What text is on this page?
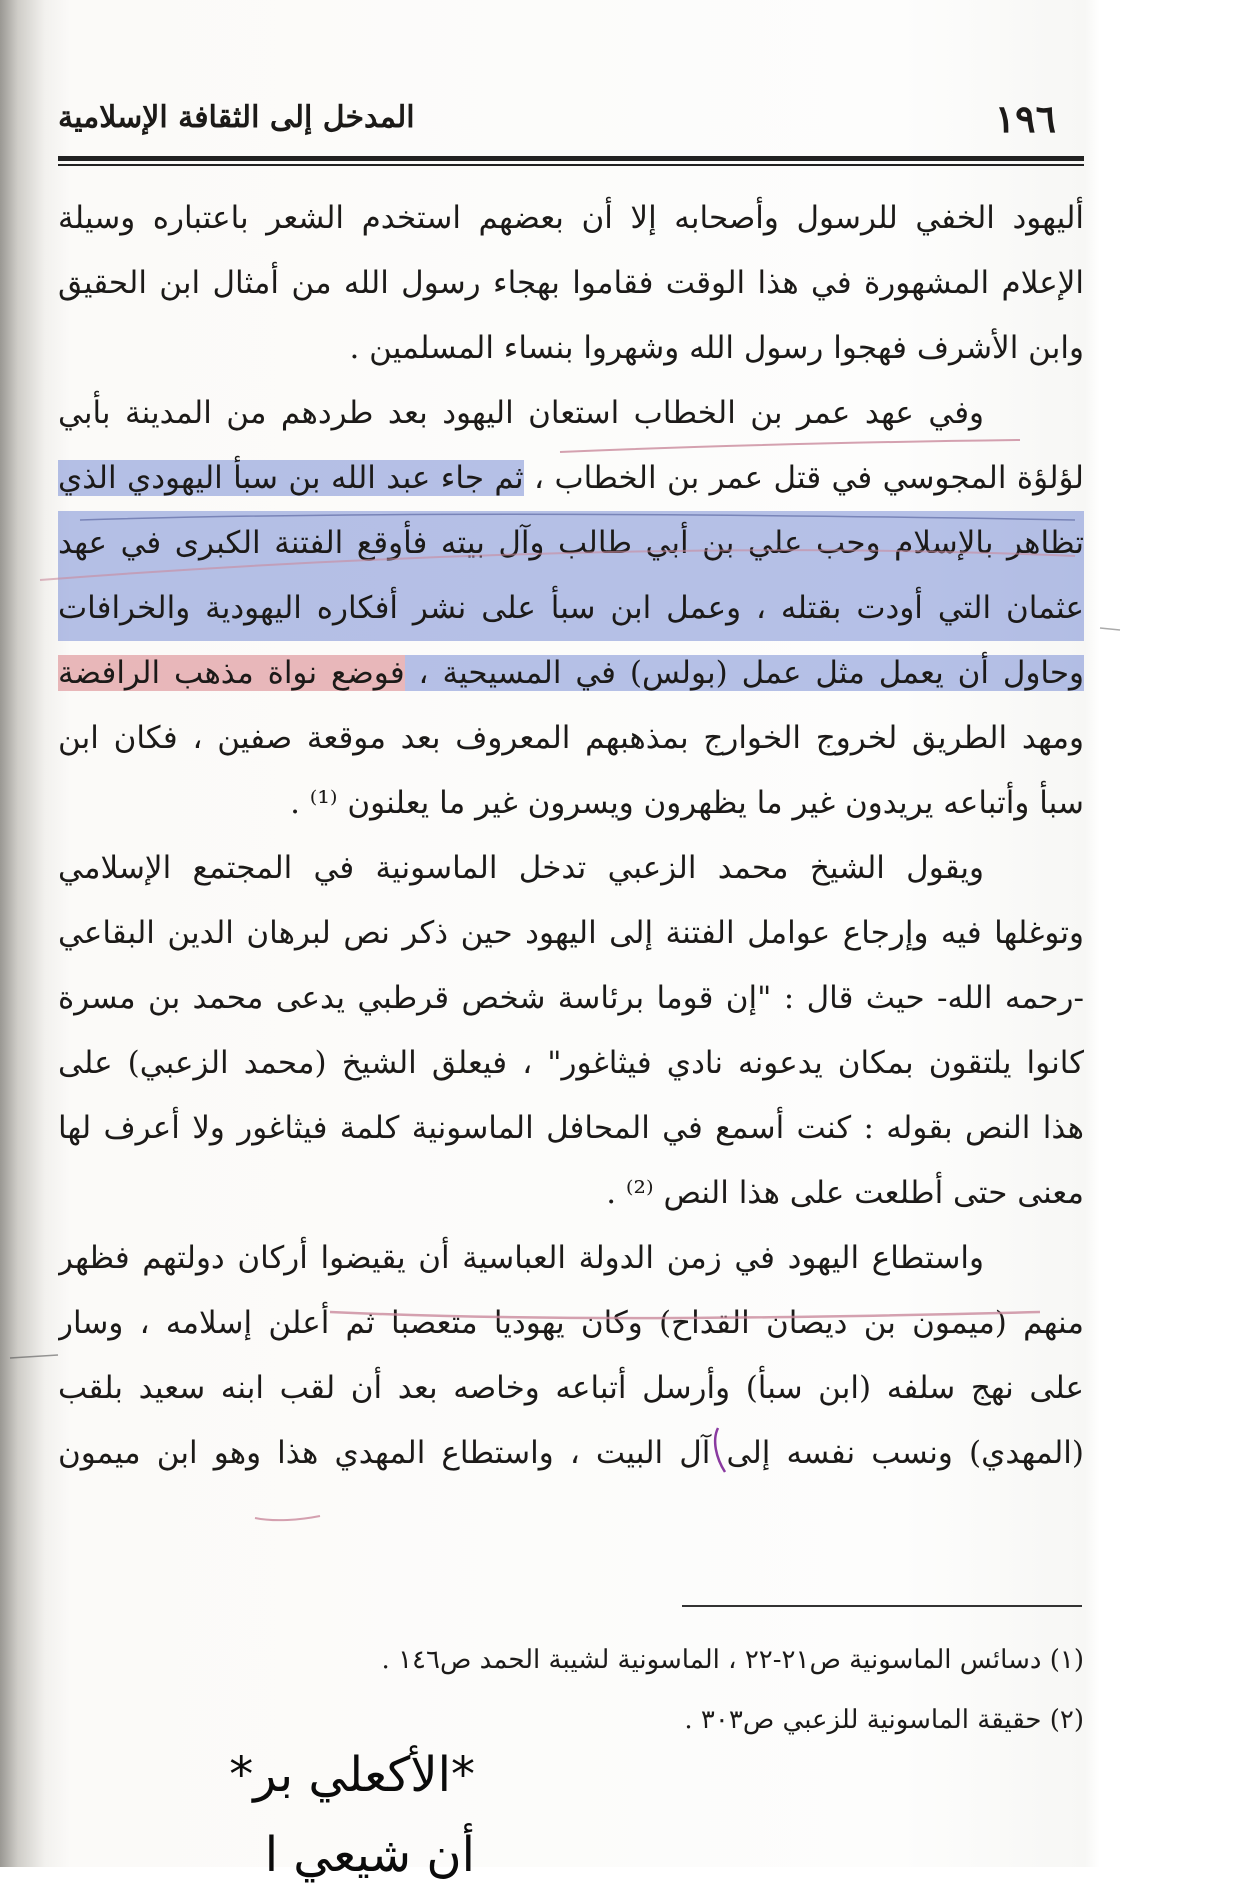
١٩٦
المدخل إلى الثقافة الإسلامية
أليهود الخفي للرسول وأصحابه إلا أن بعضهم استخدم الشعر باعتباره وسيلة
الإعلام المشهورة في هذا الوقت فقاموا بهجاء رسول الله من أمثال ابن الحقيق
وابن الأشرف فهجوا رسول الله وشهروا بنساء المسلمين .
وفي عهد عمر بن الخطاب استعان اليهود بعد طردهم من المدينة بأبي
لؤلؤة المجوسي في قتل عمر بن الخطاب ، ثم جاء عبد الله بن سبأ اليهودي الذي
تظاهر بالإسلام وحب علي بن أبي طالب وآل بيته فأوقع الفتنة الكبرى في عهد
عثمان التي أودت بقتله ، وعمل ابن سبأ على نشر أفكاره اليهودية والخرافات
وحاول أن يعمل مثل عمل (بولس) في المسيحية ، فوضع نواة مذهب الرافضة
ومهد الطريق لخروج الخوارج بمذهبهم المعروف بعد موقعة صفين ، فكان ابن
سبأ وأتباعه يريدون غير ما يظهرون ويسرون غير ما يعلنون ⁽¹⁾ .
ويقول الشيخ محمد الزعبي تدخل الماسونية في المجتمع الإسلامي
وتوغلها فيه وإرجاع عوامل الفتنة إلى اليهود حين ذكر نص لبرهان الدين البقاعي
-رحمه الله- حيث قال : "إن قوما برئاسة شخص قرطبي يدعى محمد بن مسرة
كانوا يلتقون بمكان يدعونه نادي فيثاغور" ، فيعلق الشيخ (محمد الزعبي) على
هذا النص بقوله : كنت أسمع في المحافل الماسونية كلمة فيثاغور ولا أعرف لها
معنى حتى أطلعت على هذا النص ⁽²⁾ .
واستطاع اليهود في زمن الدولة العباسية أن يقيضوا أركان دولتهم فظهر
منهم (ميمون بن ديصان القداح) وكان يهوديا متعصبا ثم أعلن إسلامه ، وسار
على نهج سلفه (ابن سبأ) وأرسل أتباعه وخاصه بعد أن لقب ابنه سعيد بلقب
(المهدي) ونسب نفسه إلى آل البيت ، واستطاع المهدي هذا وهو ابن ميمون
(١) دسائس الماسونية ص٢١-٢٢ ، الماسونية لشيبة الحمد ص١٤٦ .
(٢) حقيقة الماسونية للزعبي ص٣٠٣ .
*الأكعلي بر*
أن شيعي ا
